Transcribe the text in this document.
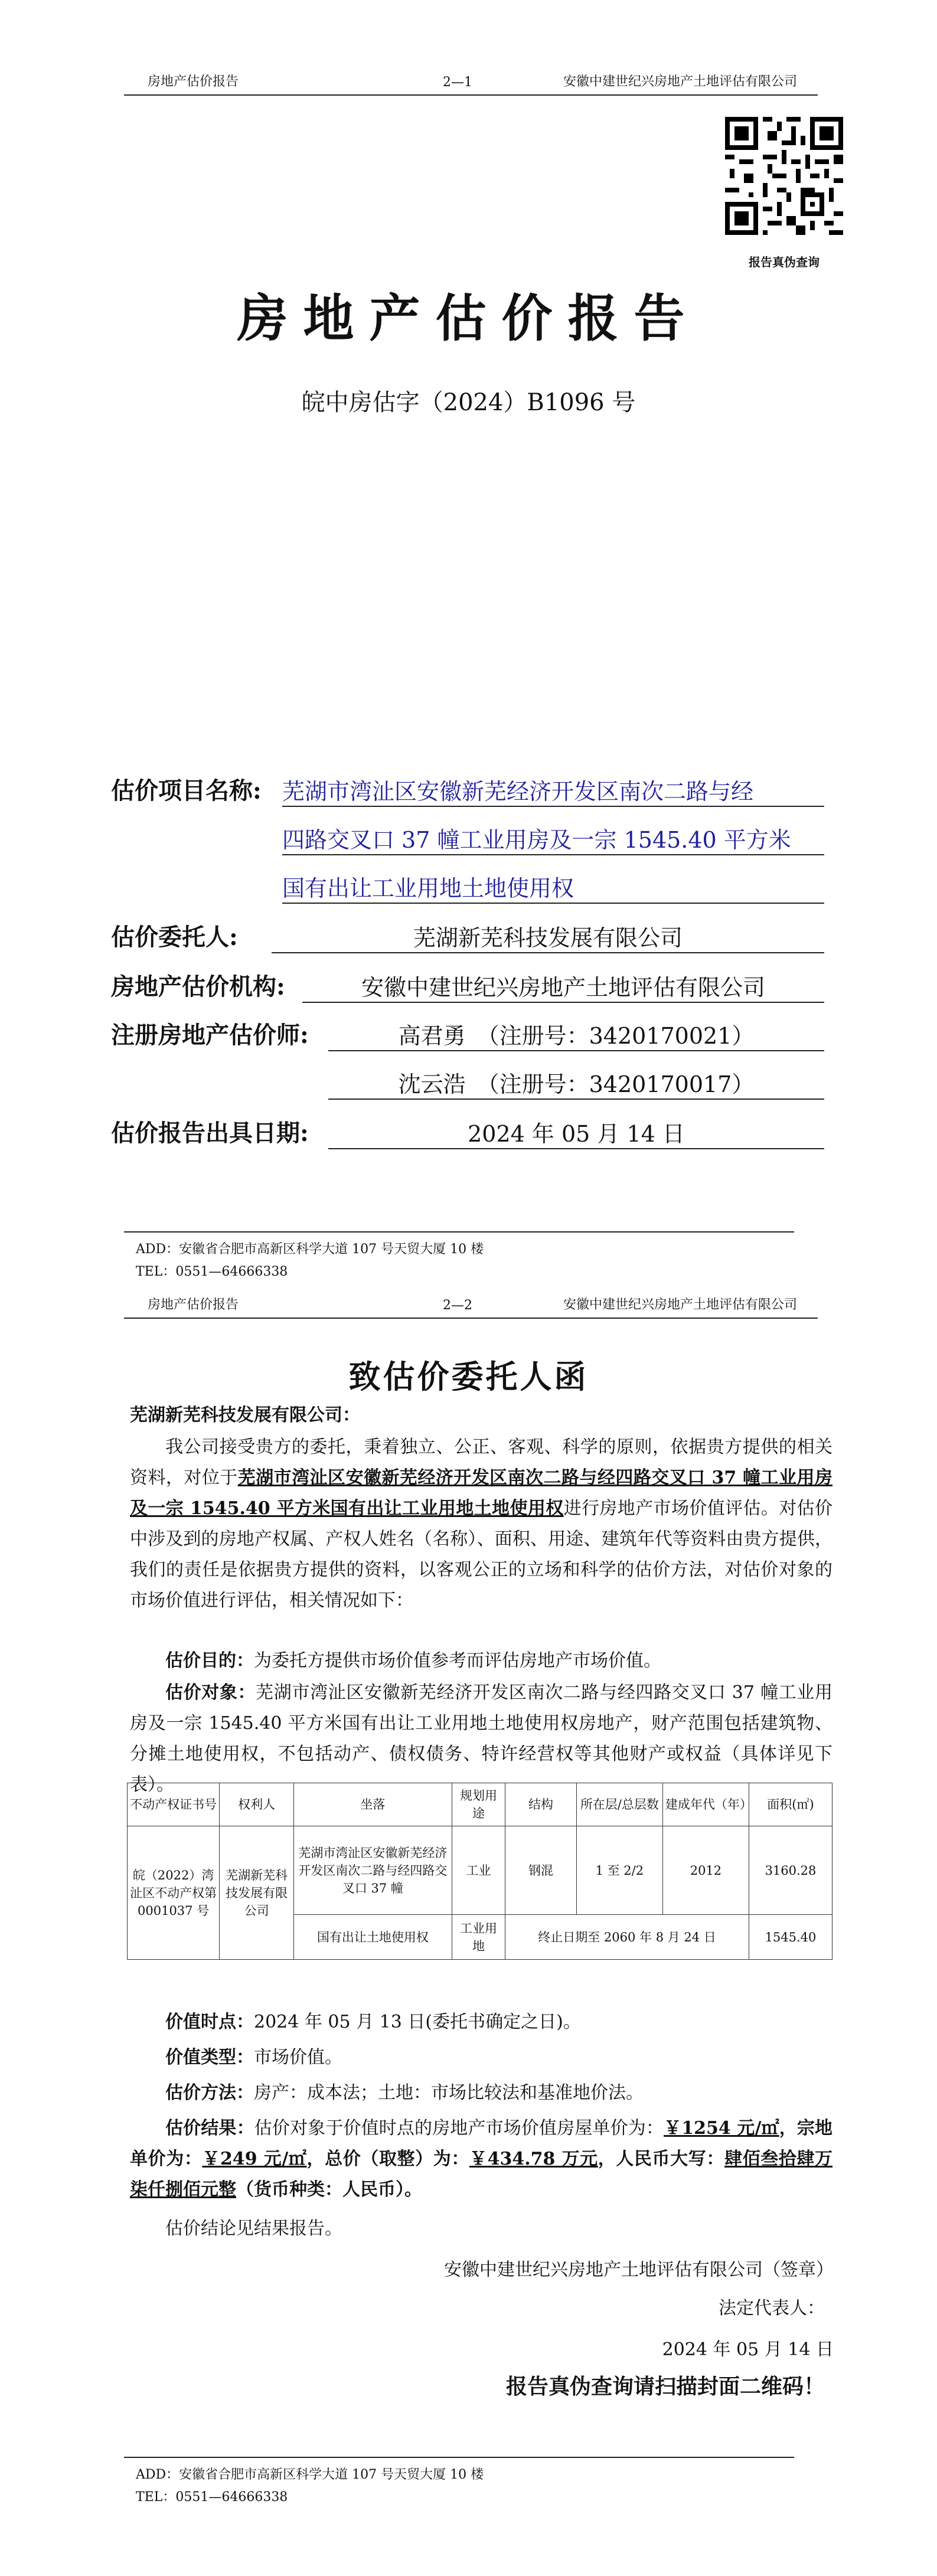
房地产估价报告	2—1	安徽中建世纪兴房地产土地评估有限公司
报告真伪查询
房地产估价报告
皖中房估字（2024）B1096 号
估价项目名称: 芜湖市湾沚区安徽新芜经济开发区南次二路与经
四路交叉口 37 幢工业用房及一宗 1545.40 平方米
国有出让工业用地土地使用权
估价委托人:	芜湖新芜科技发展有限公司
房地产估价机构:	安徽中建世纪兴房地产土地评估有限公司
注册房地产估价师:	高君勇　（注册号：3420170021）
沈云浩　（注册号：3420170017）
估价报告出具日期:	2024 年 05 月 14 日
ADD：安徽省合肥市高新区科学大道 107 号天贸大厦 10 楼
TEL：0551—64666338
房地产估价报告	2—2	安徽中建世纪兴房地产土地评估有限公司
致估价委托人函
芜湖新芜科技发展有限公司：
我公司接受贵方的委托，秉着独立、公正、客观、科学的原则，依据贵方提供的相关资料，对位于芜湖市湾沚区安徽新芜经济开发区南次二路与经四路交叉口 37 幢工业用房及一宗 1545.40 平方米国有出让工业用地土地使用权进行房地产市场价值评估。对估价中涉及到的房地产权属、产权人姓名（名称）、面积、用途、建筑年代等资料由贵方提供，我们的责任是依据贵方提供的资料，以客观公正的立场和科学的估价方法，对估价对象的市场价值进行评估，相关情况如下：
估价目的：为委托方提供市场价值参考而评估房地产市场价值。
估价对象：芜湖市湾沚区安徽新芜经济开发区南次二路与经四路交叉口 37 幢工业用房及一宗 1545.40 平方米国有出让工业用地土地使用权房地产，财产范围包括建筑物、分摊土地使用权，不包括动产、债权债务、特许经营权等其他财产或权益（具体详见下表）。
不动产权证书号	权利人	坐落	规划用途	结构	所在层/总层数	建成年代（年）	面积(㎡)
皖（2022）湾沚区不动产权第0001037 号	芜湖新芜科技发展有限公司	芜湖市湾沚区安徽新芜经济开发区南次二路与经四路交叉口 37 幢	工业	钢混	1 至 2/2	2012	3160.28
		国有出让土地使用权	工业用地	终止日期至 2060 年 8 月 24 日			1545.40
价值时点：2024 年 05 月 13 日(委托书确定之日)。
价值类型：市场价值。
估价方法：房产：成本法；土地：市场比较法和基准地价法。
估价结果：估价对象于价值时点的房地产市场价值房屋单价为：￥1254 元/㎡，宗地单价为：￥249 元/㎡，总价（取整）为：￥434.78 万元，人民币大写：肆佰叁拾肆万柒仟捌佰元整（货币种类：人民币）。
估价结论见结果报告。
安徽中建世纪兴房地产土地评估有限公司（签章）
法定代表人：
2024 年 05 月 14 日
报告真伪查询请扫描封面二维码！
ADD：安徽省合肥市高新区科学大道 107 号天贸大厦 10 楼
TEL：0551—64666338
